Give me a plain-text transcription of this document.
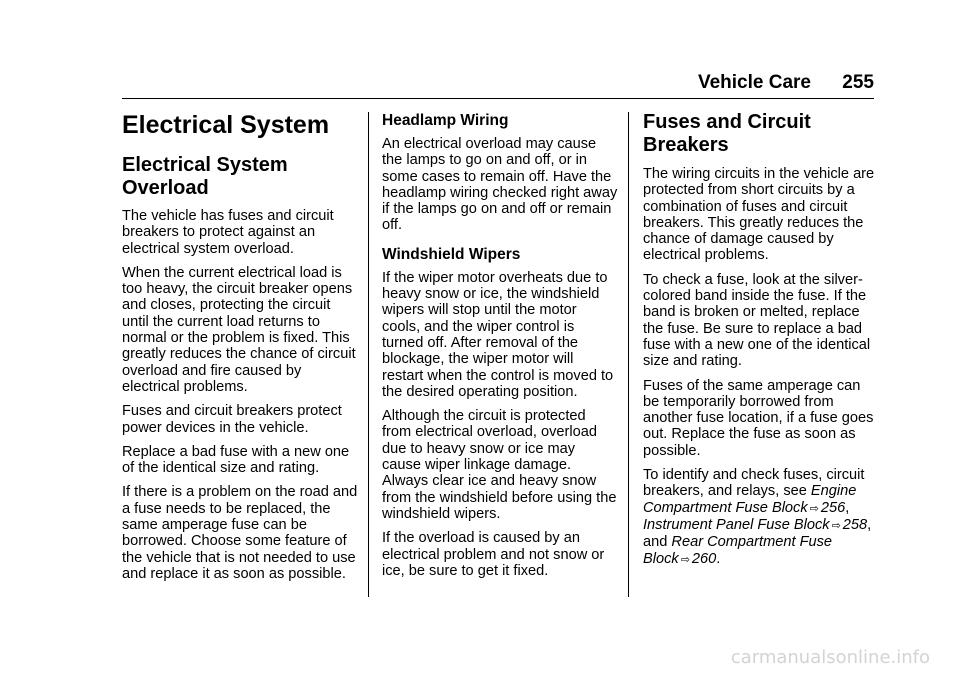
Vehicle Care 255
Electrical System
Electrical System Overload

The vehicle has fuses and circuit breakers to protect against an electrical system overload.

When the current electrical load is too heavy, the circuit breaker opens and closes, protecting the circuit until the current load returns to normal or the problem is fixed. This greatly reduces the chance of circuit overload and fire caused by electrical problems.

Fuses and circuit breakers protect power devices in the vehicle.

Replace a bad fuse with a new one of the identical size and rating.

If there is a problem on the road and a fuse needs to be replaced, the same amperage fuse can be borrowed. Choose some feature of the vehicle that is not needed to use and replace it as soon as possible.

Headlamp Wiring

An electrical overload may cause the lamps to go on and off, or in some cases to remain off. Have the headlamp wiring checked right away if the lamps go on and off or remain off.

Windshield Wipers

If the wiper motor overheats due to heavy snow or ice, the windshield wipers will stop until the motor cools, and the wiper control is turned off. After removal of the blockage, the wiper motor will restart when the control is moved to the desired operating position.

Although the circuit is protected from electrical overload, overload due to heavy snow or ice may cause wiper linkage damage. Always clear ice and heavy snow from the windshield before using the windshield wipers.

If the overload is caused by an electrical problem and not snow or ice, be sure to get it fixed.

Fuses and Circuit Breakers

The wiring circuits in the vehicle are protected from short circuits by a combination of fuses and circuit breakers. This greatly reduces the chance of damage caused by electrical problems.

To check a fuse, look at the silver-colored band inside the fuse. If the band is broken or melted, replace the fuse. Be sure to replace a bad fuse with a new one of the identical size and rating.

Fuses of the same amperage can be temporarily borrowed from another fuse location, if a fuse goes out. Replace the fuse as soon as possible.

To identify and check fuses, circuit breakers, and relays, see Engine Compartment Fuse Block ⇨ 256, Instrument Panel Fuse Block ⇨ 258, and Rear Compartment Fuse Block ⇨ 260.

carmanualsonline.info
